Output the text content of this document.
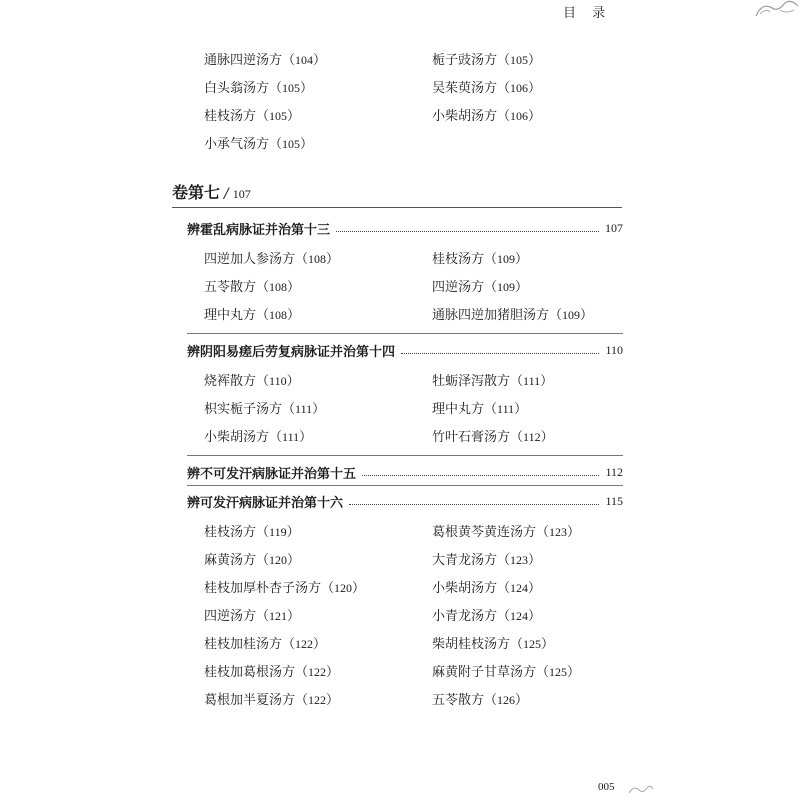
目 录
通脉四逆汤方（104）	栀子豉汤方（105）
白头翁汤方（105）	吴茱萸汤方（106）
桂枝汤方（105）	小柴胡汤方（106）
小承气汤方（105）
卷第七 / 107
辨霍乱病脉证并治第十三	107
四逆加人参汤方（108）	桂枝汤方（109）
五苓散方（108）	四逆汤方（109）
理中丸方（108）	通脉四逆加猪胆汤方（109）
辨阴阳易瘥后劳复病脉证并治第十四	110
烧裈散方（110）	牡蛎泽泻散方（111）
枳实栀子汤方（111）	理中丸方（111）
小柴胡汤方（111）	竹叶石膏汤方（112）
辨不可发汗病脉证并治第十五	112
辨可发汗病脉证并治第十六	115
桂枝汤方（119）	葛根黄芩黄连汤方（123）
麻黄汤方（120）	大青龙汤方（123）
桂枝加厚朴杏子汤方（120）	小柴胡汤方（124）
四逆汤方（121）	小青龙汤方（124）
桂枝加桂汤方（122）	柴胡桂枝汤方（125）
桂枝加葛根汤方（122）	麻黄附子甘草汤方（125）
葛根加半夏汤方（122）	五苓散方（126）
005
